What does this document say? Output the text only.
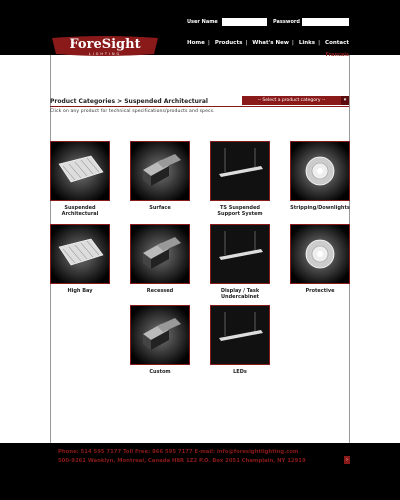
User Name	Password
ForeSight
LIGHTING
Home | Products | What's New | Links | Contact
Francais
Product Categories > Suspended Architectural	-- Select a product category --	▾
Click on any product for technical specifications/products and specs.
Suspended Architectural
Surface	TS Suspended Support System
Stripping/Downlights
High Bay	Recessed	Display / Task Undercabinet
Protective
Custom	LEDs
Phone: 514 595 7177 Toll Free: 866 595 7177 E-mail: info@foresightlighting.com
500-9261 Wanklyn, Montreal, Canada H8R 1Z2 P.O. Box 2051 Champlain, NY 12919	›
